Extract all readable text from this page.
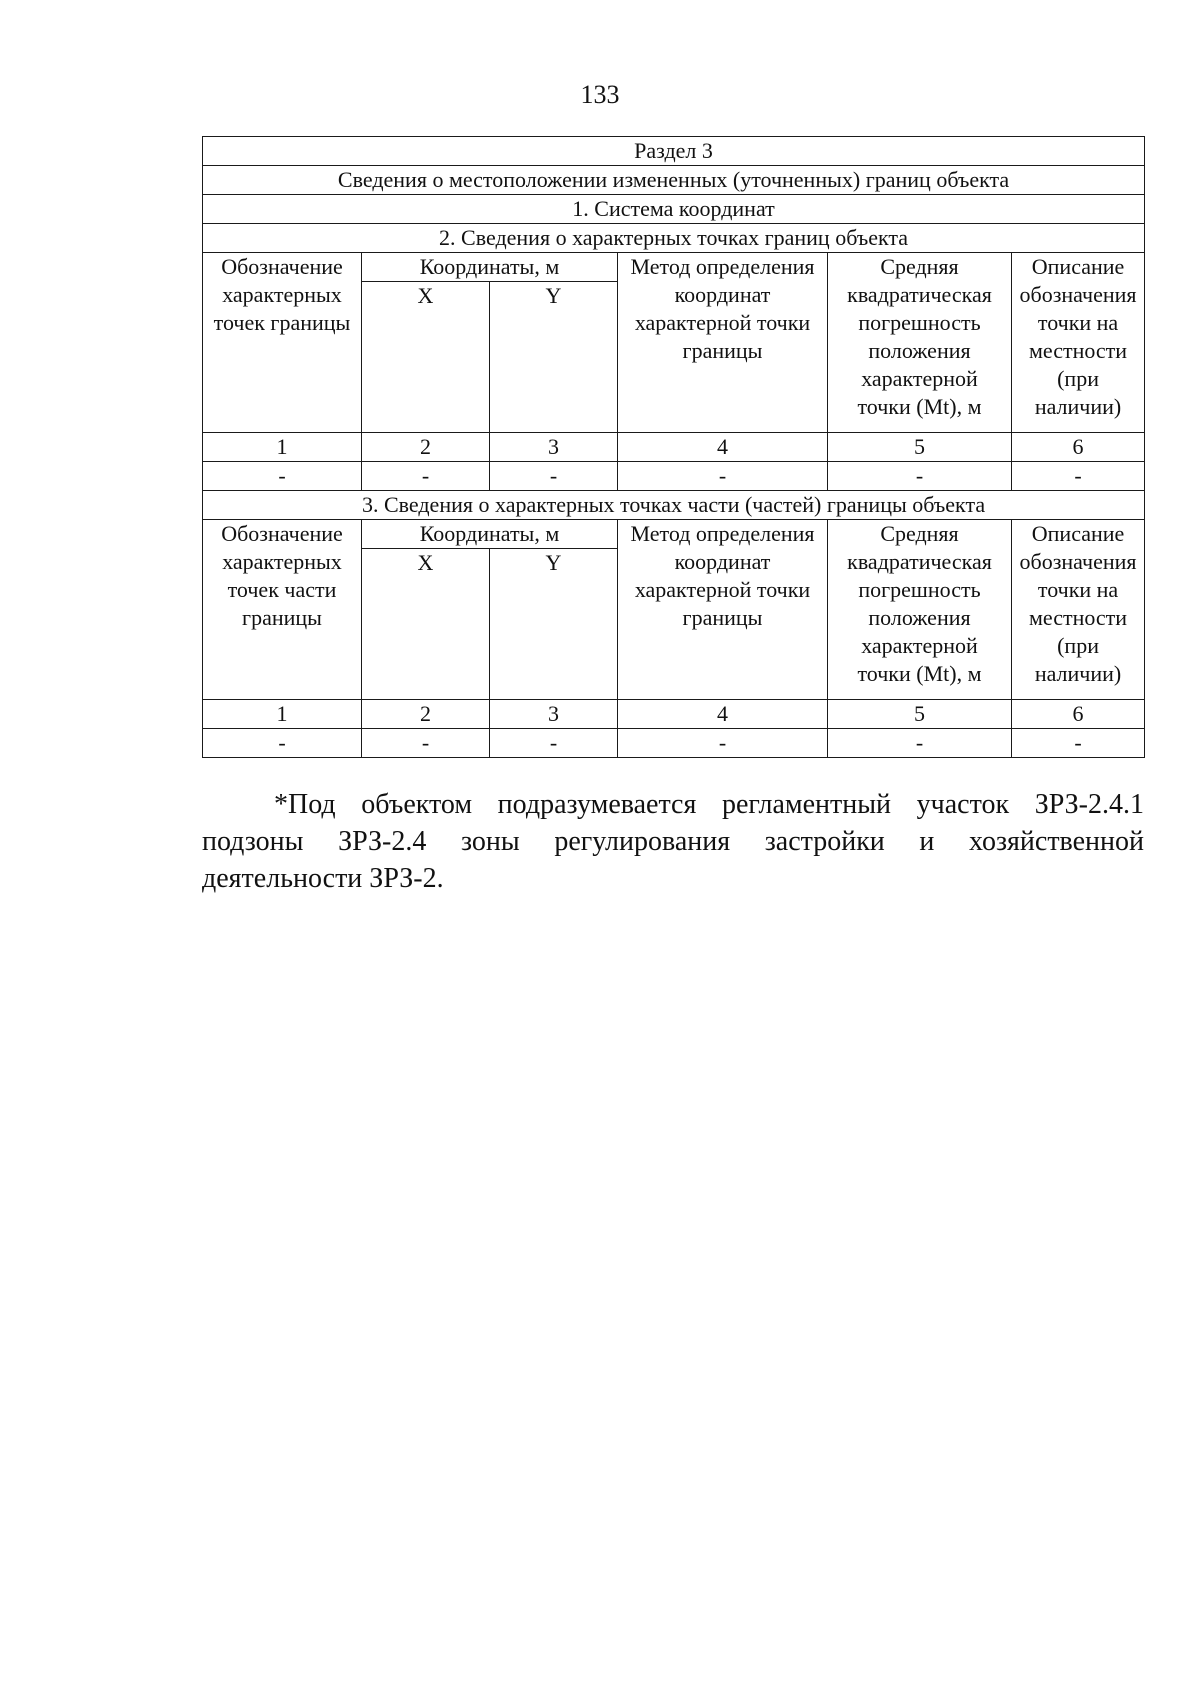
133
Раздел 3					
Сведения о местоположении измененных (уточненных) границ объекта					
1. Система координат					
2. Сведения о характерных точках границ объекта					
Обозначение характерных точек границы	Координаты, м		Метод определения координат характерной точки границы	Средняя квадратическая погрешность положения характерной точки (Mt), м	Описание обозначения точки на местности (при наличии)
	X	Y			
1	2	3	4	5	6
-	-	-	-	-	-
3. Сведения о характерных точках части (частей) границы объекта					
Обозначение характерных точек части границы	Координаты, м		Метод определения координат характерной точки границы	Средняя квадратическая погрешность положения характерной точки (Mt), м	Описание обозначения точки на местности (при наличии)
	X	Y			
1	2	3	4	5	6
-	-	-	-	-	-

*Под объектом подразумевается регламентный участок ЗРЗ-2.4.1 подзоны ЗРЗ-2.4 зоны регулирования застройки и хозяйственной деятельности ЗРЗ-2.
